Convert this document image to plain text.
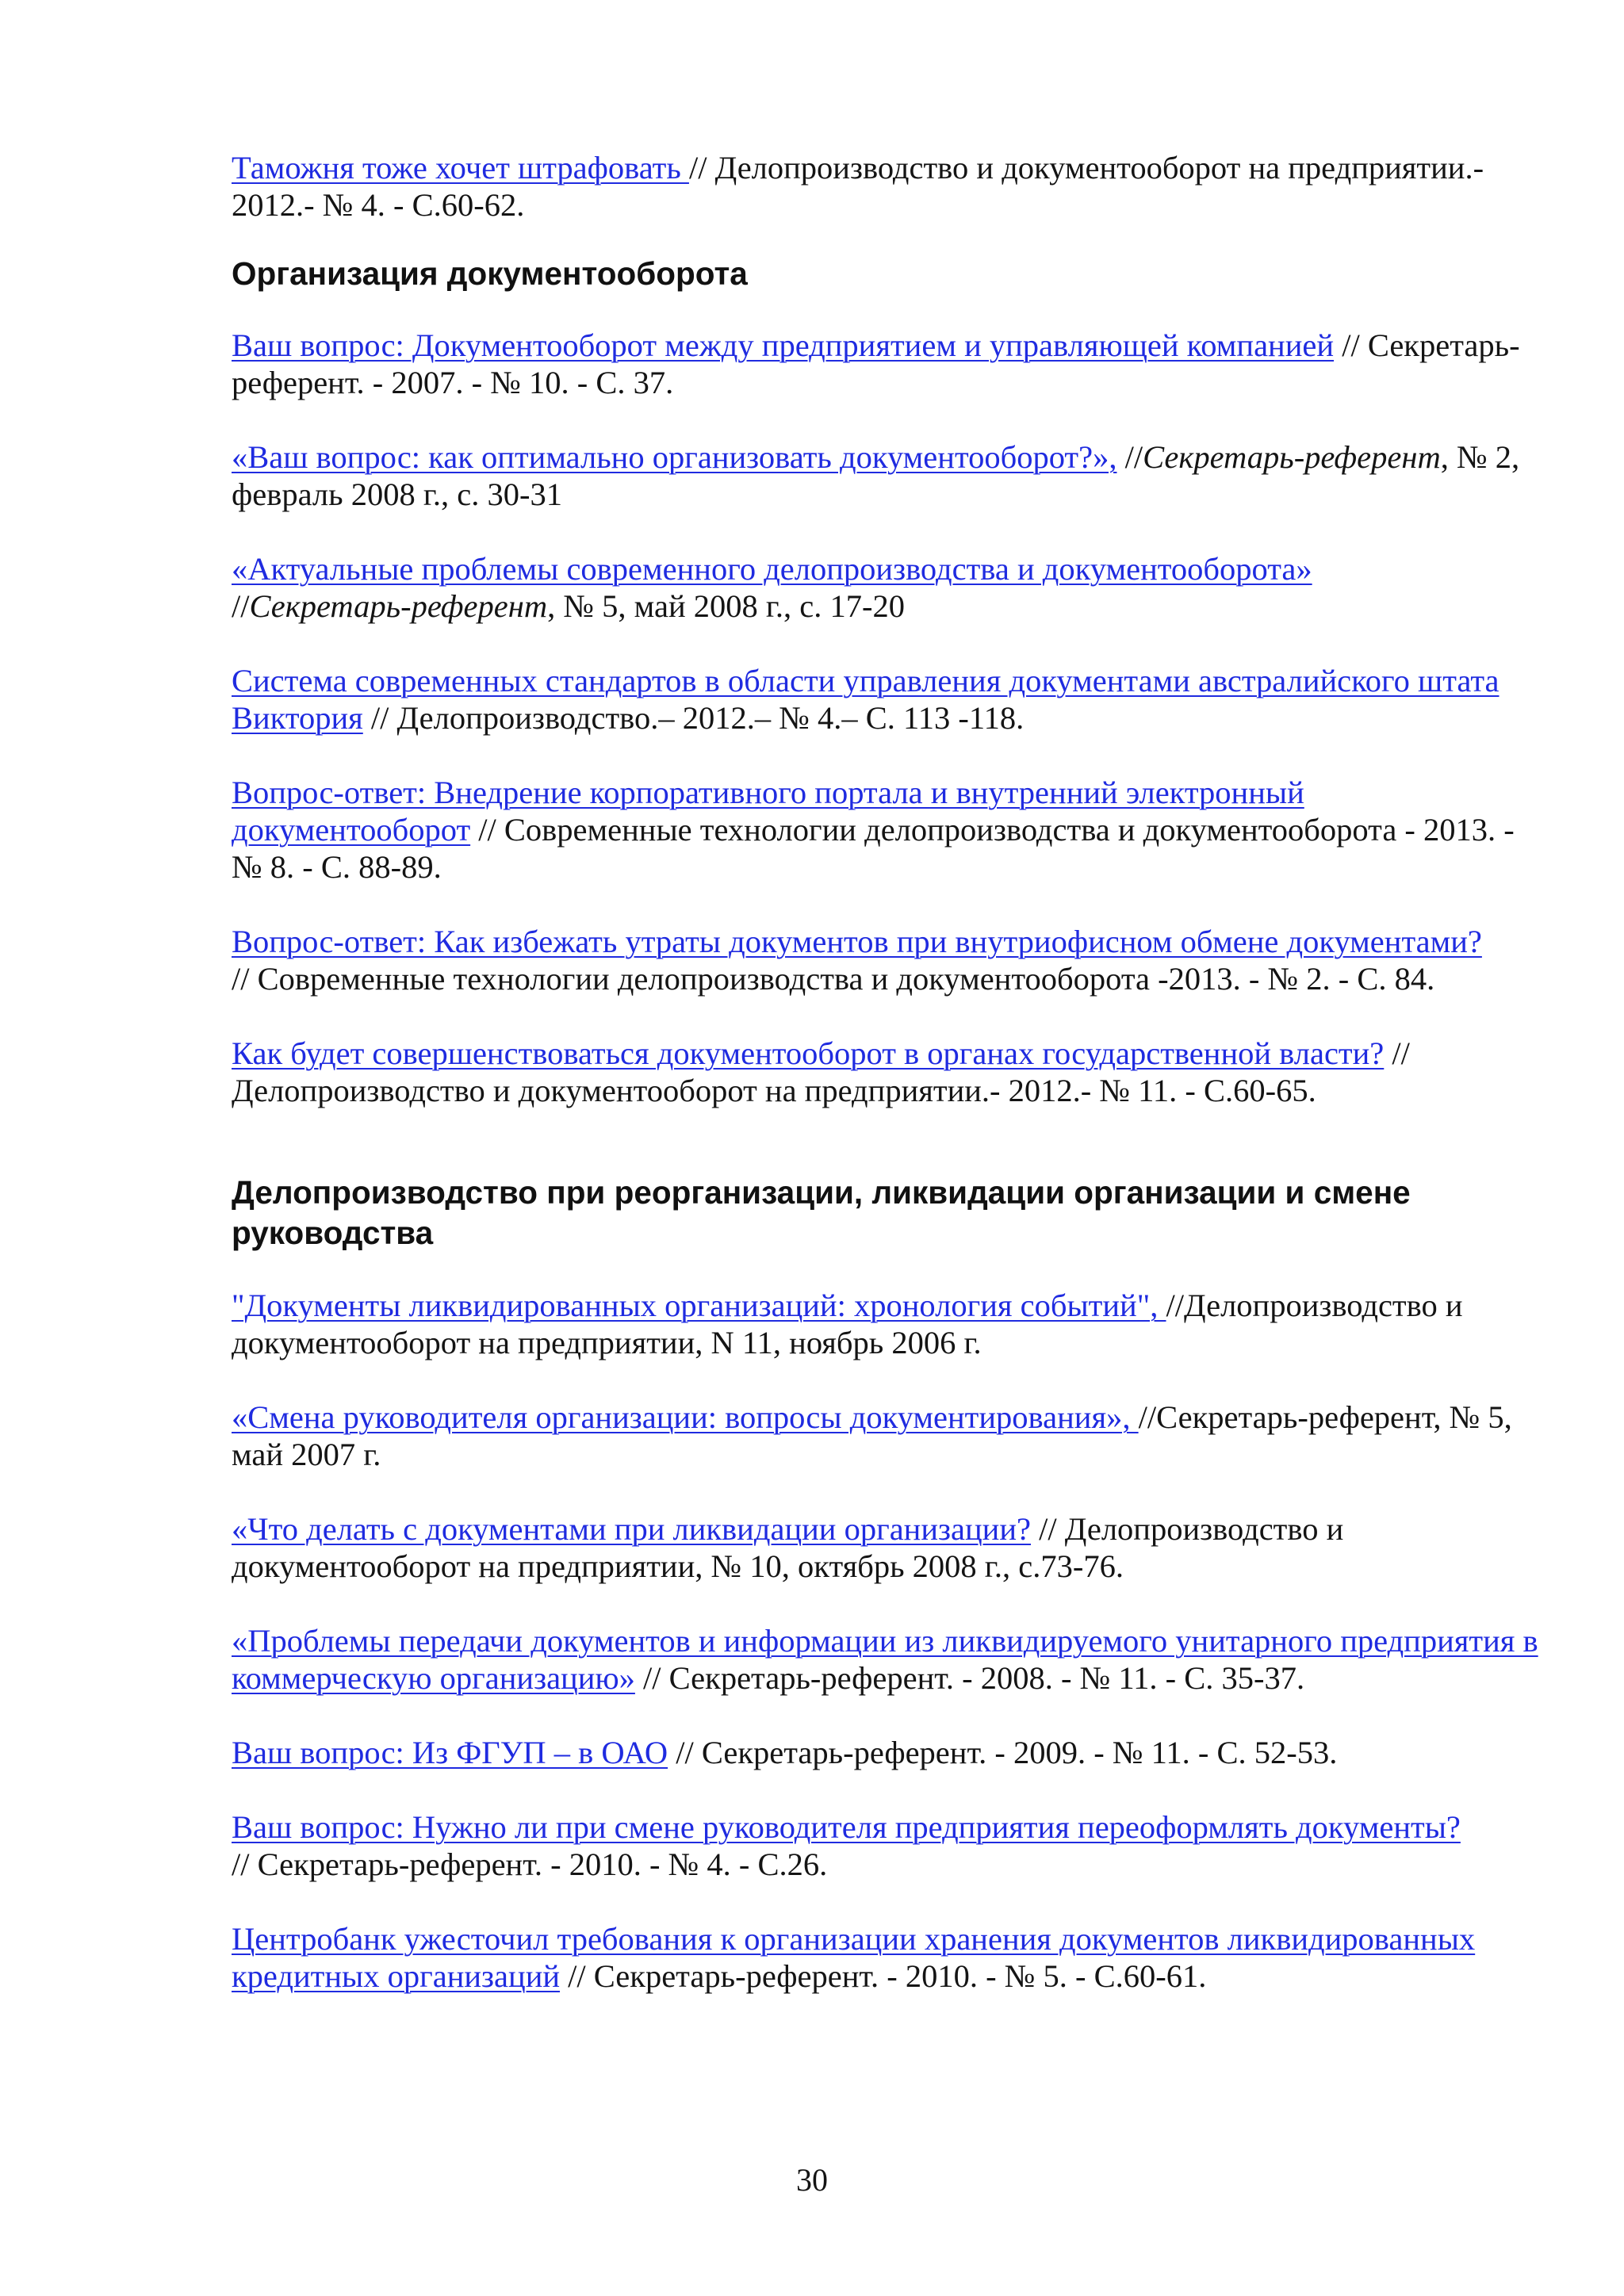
Таможня тоже хочет штрафовать // Делопроизводство и документооборот на предприятии.- 2012.- № 4. - С.60-62.

Организация документооборота

Ваш вопрос: Документооборот между предприятием и управляющей компанией // Секретарь-референт. - 2007. - № 10. - С. 37.

«Ваш вопрос: как оптимально организовать документооборот?», //Секретарь-референт, № 2, февраль 2008 г., с. 30-31

«Актуальные проблемы современного делопроизводства и документооборота»
//Секретарь-референт, № 5, май 2008 г., с. 17-20

Система современных стандартов в области управления документами австралийского штата Виктория // Делопроизводство.– 2012.– № 4.– С. 113 -118.

Вопрос-ответ: Внедрение корпоративного портала и внутренний электронный документооборот // Современные технологии делопроизводства и документооборота - 2013. - № 8. - С. 88-89.

Вопрос-ответ: Как избежать утраты документов при внутриофисном обмене документами?
// Современные технологии делопроизводства и документооборота -2013. - № 2. - С. 84.

Как будет совершенствоваться документооборот в органах государственной власти? // Делопроизводство и документооборот на предприятии.- 2012.- № 11. - С.60-65.

Делопроизводство при реорганизации, ликвидации организации и смене руководства

"Документы ликвидированных организаций: хронология событий", //Делопроизводство и документооборот на предприятии, N 11, ноябрь 2006 г.

«Смена руководителя организации: вопросы документирования», //Секретарь-референт, № 5, май 2007 г.

«Что делать с документами при ликвидации организации? // Делопроизводство и документооборот на предприятии, № 10, октябрь 2008 г., с.73-76.

«Проблемы передачи документов и информации из ликвидируемого унитарного предприятия в коммерческую организацию» // Секретарь-референт. - 2008. - № 11. - С. 35-37.

Ваш вопрос: Из ФГУП – в ОАО // Секретарь-референт. - 2009. - № 11. - С. 52-53.

Ваш вопрос: Нужно ли при смене руководителя предприятия переоформлять документы?
// Секретарь-референт. - 2010. - № 4. - С.26.

Центробанк ужесточил требования к организации хранения документов ликвидированных кредитных организаций // Секретарь-референт. - 2010. - № 5. - С.60-61.

30
